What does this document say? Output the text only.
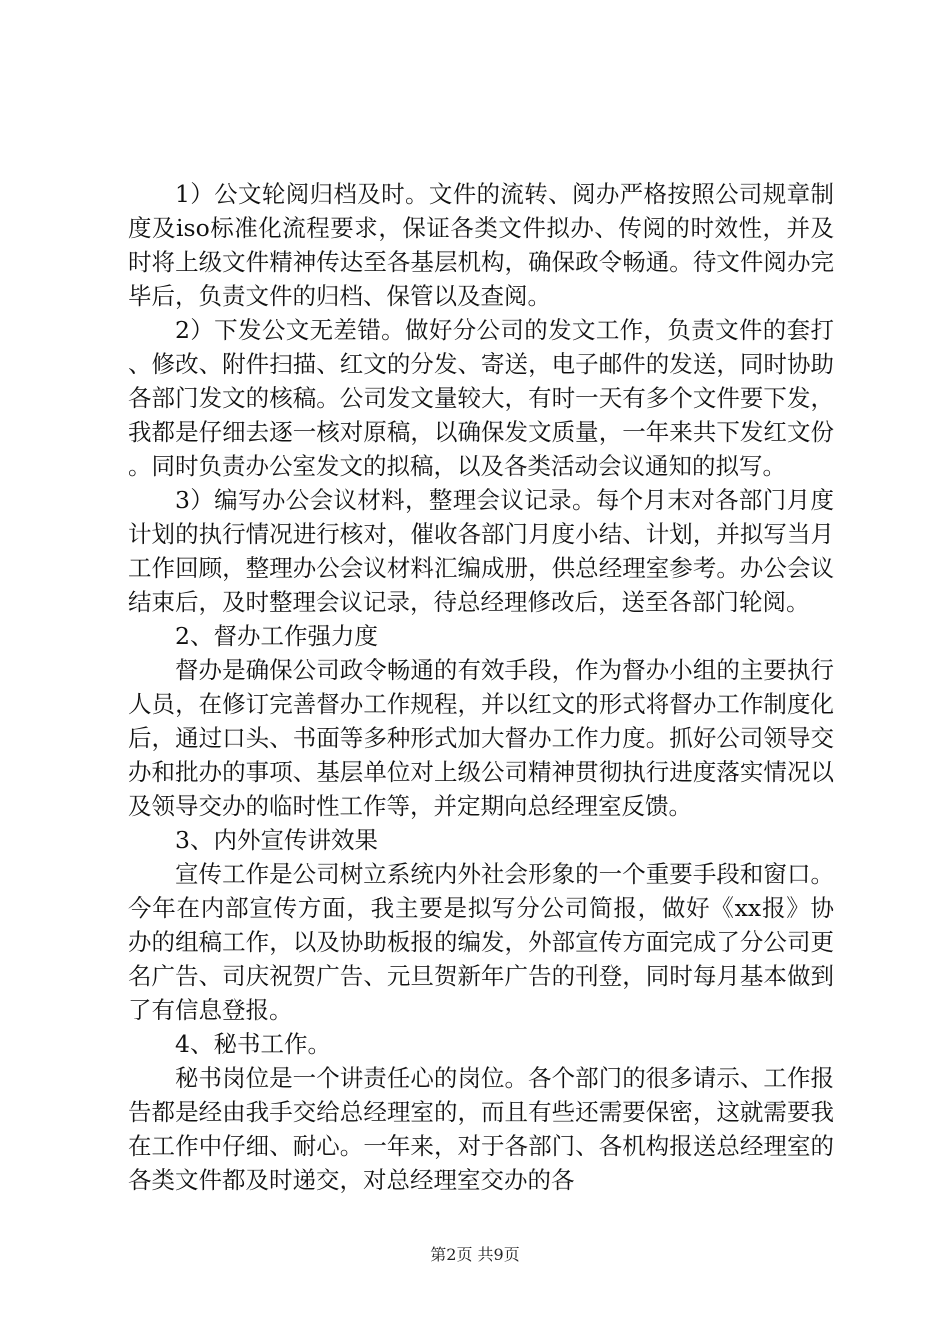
1）公文轮阅归档及时。文件的流转、阅办严格按照公司规章制度及iso标准化流程要求，保证各类文件拟办、传阅的时效性，并及时将上级文件精神传达至各基层机构，确保政令畅通。待文件阅办完毕后，负责文件的归档、保管以及查阅。

2）下发公文无差错。做好分公司的发文工作，负责文件的套打、修改、附件扫描、红文的分发、寄送，电子邮件的发送，同时协助各部门发文的核稿。公司发文量较大，有时一天有多个文件要下发，我都是仔细去逐一核对原稿，以确保发文质量，一年来共下发红文份。同时负责办公室发文的拟稿，以及各类活动会议通知的拟写。

3）编写办公会议材料，整理会议记录。每个月末对各部门月度计划的执行情况进行核对，催收各部门月度小结、计划，并拟写当月工作回顾，整理办公会议材料汇编成册，供总经理室参考。办公会议结束后，及时整理会议记录，待总经理修改后，送至各部门轮阅。

2、督办工作强力度

督办是确保公司政令畅通的有效手段，作为督办小组的主要执行人员，在修订完善督办工作规程，并以红文的形式将督办工作制度化后，通过口头、书面等多种形式加大督办工作力度。抓好公司领导交办和批办的事项、基层单位对上级公司精神贯彻执行进度落实情况以及领导交办的临时性工作等，并定期向总经理室反馈。

3、内外宣传讲效果

宣传工作是公司树立系统内外社会形象的一个重要手段和窗口。今年在内部宣传方面，我主要是拟写分公司简报，做好《xx报》协办的组稿工作，以及协助板报的编发，外部宣传方面完成了分公司更名广告、司庆祝贺广告、元旦贺新年广告的刊登，同时每月基本做到了有信息登报。

4、秘书工作。

秘书岗位是一个讲责任心的岗位。各个部门的很多请示、工作报告都是经由我手交给总经理室的，而且有些还需要保密，这就需要我在工作中仔细、耐心。一年来，对于各部门、各机构报送总经理室的各类文件都及时递交，对总经理室交办的各

第2页 共9页
